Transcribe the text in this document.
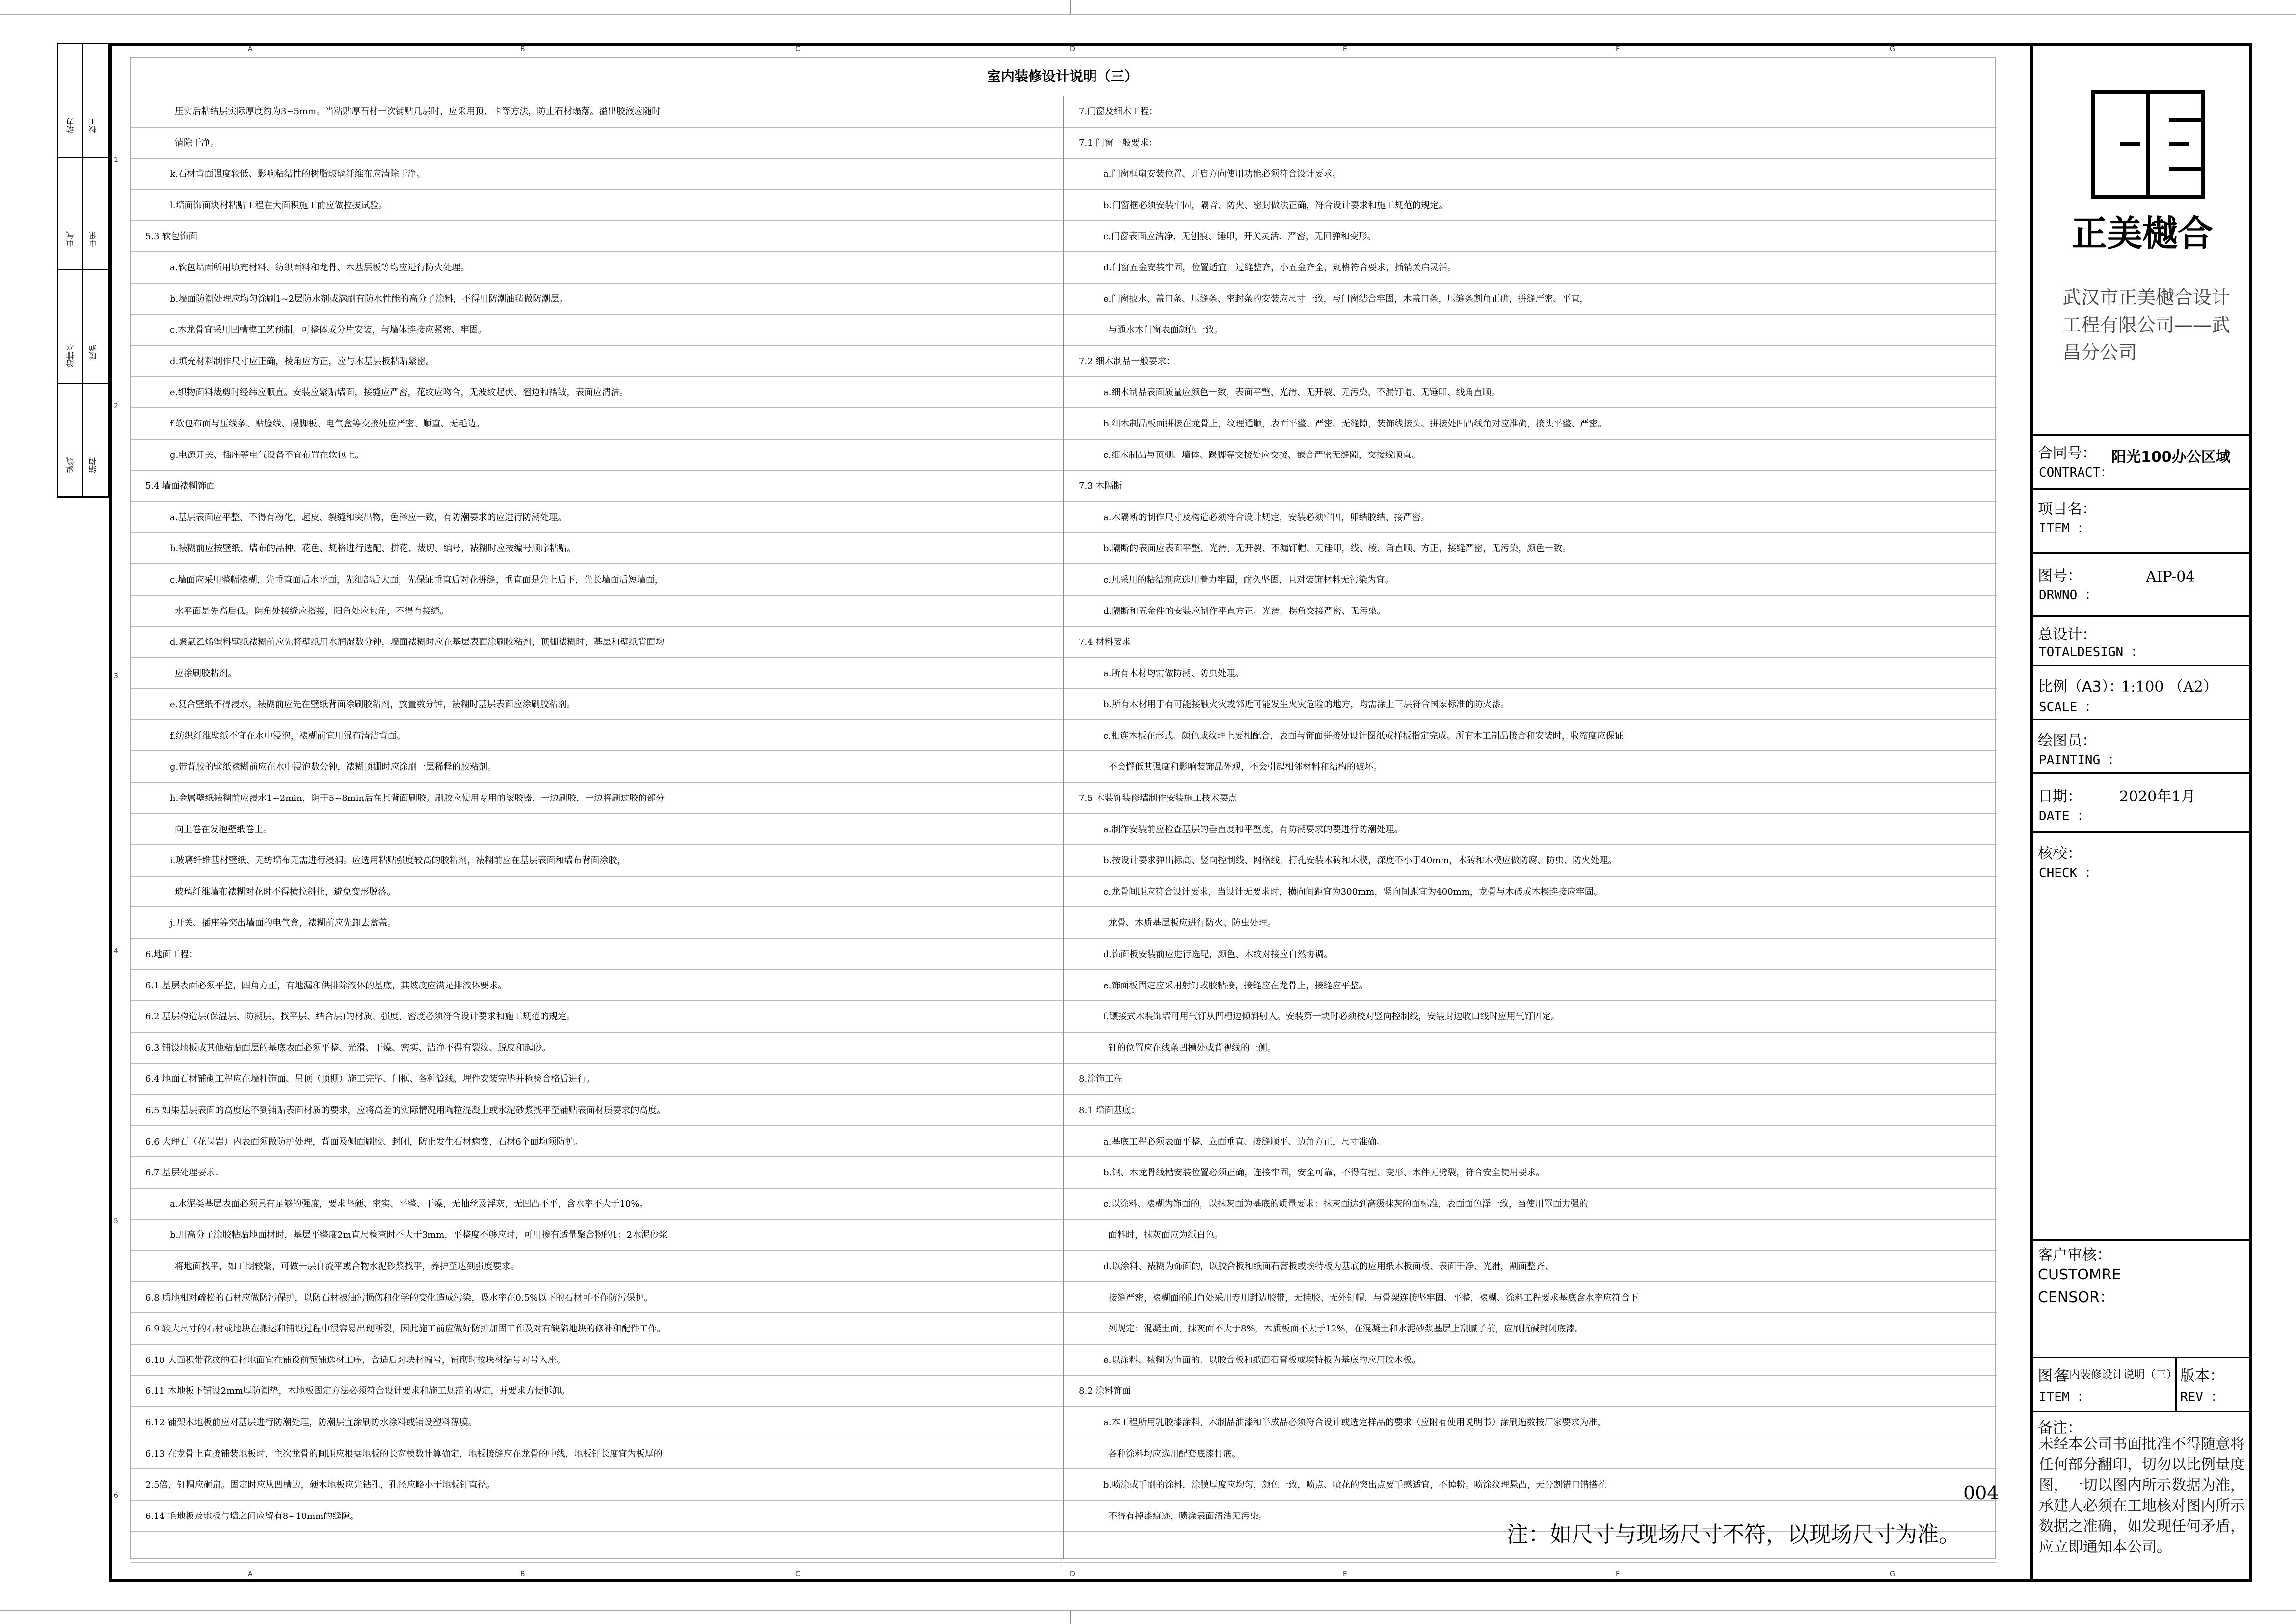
A	B	C	D	E	F	G
A	B	C	D	E	F	G
1
2
3
4
5
6
动力 校工
电气 电讯
给排水 暖通
建筑 结构
室内装修设计说明（三）
压实后粘结层实际厚度约为3~5mm。当粘贴厚石材一次铺贴几层时，应采用顶、卡等方法，防止石材塌落。溢出胶液应随时
清除干净。
k.石材背面强度较低、影响粘结性的树脂玻璃纤维布应清除干净。
l.墙面饰面块材粘贴工程在大面积施工前应做拉拔试验。
5.3 软包饰面
a.软包墙面所用填充材料、纺织面料和龙骨、木基层板等均应进行防火处理。
b.墙面防潮处理应均匀涂刷1~2层防水剂或满刷有防水性能的高分子涂料，不得用防潮油毡做防潮层。
c.木龙骨宜采用凹槽榫工艺预制，可整体或分片安装，与墙体连接应紧密、牢固。
d.填充材料制作尺寸应正确，棱角应方正，应与木基层板粘贴紧密。
e.织物面料裁剪时经纬应顺直。安装应紧贴墙面，接缝应严密，花纹应吻合，无波纹起伏、翘边和褶皱，表面应清洁。
f.软包布面与压线条、贴脸线、踢脚板、电气盒等交接处应严密、顺直、无毛边。
g.电源开关、插座等电气设备不宜布置在软包上。
5.4 墙面裱糊饰面
a.基层表面应平整、不得有粉化、起皮、裂缝和突出物，色泽应一致，有防潮要求的应进行防潮处理。
b.裱糊前应按壁纸、墙布的品种、花色、规格进行选配、拼花、裁切、编号，裱糊时应按编号顺序粘贴。
c.墙面应采用整幅裱糊，先垂直面后水平面，先细部后大面，先保证垂直后对花拼缝，垂直面是先上后下，先长墙面后短墙面，
水平面是先高后低。阴角处接缝应搭接，阳角处应包角，不得有接缝。
d.聚氯乙烯塑料壁纸裱糊前应先将壁纸用水润湿数分钟，墙面裱糊时应在基层表面涂刷胶粘剂，顶棚裱糊时，基层和壁纸背面均
应涂刷胶粘剂。
e.复合壁纸不得浸水，裱糊前应先在壁纸背面涂刷胶粘剂，放置数分钟，裱糊时基层表面应涂刷胶粘剂。
f.纺织纤维壁纸不宜在水中浸泡，裱糊前宜用湿布清洁背面。
g.带背胶的壁纸裱糊前应在水中浸泡数分钟，裱糊顶棚时应涂刷一层稀释的胶粘剂。
h.金属壁纸裱糊前应浸水1~2min，阴干5~8min后在其背面刷胶。刷胶应使用专用的滚胶器，一边刷胶，一边将刷过胶的部分
向上卷在发泡壁纸卷上。
i.玻璃纤维基材壁纸、无纺墙布无需进行浸润。应选用粘贴强度较高的胶粘剂，裱糊前应在基层表面和墙布背面涂胶，
玻璃纤维墙布裱糊对花时不得横拉斜扯，避免变形脱落。
j.开关、插座等突出墙面的电气盒，裱糊前应先卸去盒盖。
6.地面工程：
6.1 基层表面必须平整，四角方正，有地漏和供排除液体的基底，其坡度应满足排液体要求。
6.2 基层构造层(保温层、防潮层、找平层、结合层)的材质、强度、密度必须符合设计要求和施工规范的规定。
6.3 铺设地板或其他粘贴面层的基底表面必须平整、光滑、干燥、密实、洁净不得有裂纹、脱皮和起砂。
6.4 地面石材铺砌工程应在墙柱饰面、吊顶（顶棚）施工完毕、门框、各种管线、埋件安装完毕并检验合格后进行。
6.5 如果基层表面的高度达不到铺贴表面材质的要求，应将高差的实际情况用陶粒混凝土或水泥砂浆找平至铺贴表面材质要求的高度。
6.6 大理石（花岗岩）内表面须做防护处理，背面及侧面刷胶、封闭，防止发生石材病变，石材6个面均须防护。
6.7 基层处理要求：
a.水泥类基层表面必须具有足够的强度，要求坚硬、密实、平整、干燥，无抽丝及浮灰，无凹凸不平，含水率不大于10%。
b.用高分子涂胶粘贴地面材时，基层平整度2m直尺检查时不大于3mm，平整度不够应时，可用掺有适量聚合物的1：2水泥砂浆
将地面找平，如工期较紧，可做一层自流平或合物水泥砂浆找平，养护至达到强度要求。
6.8 质地相对疏松的石材应做防污保护，以防石材被油污损伤和化学的变化造成污染，吸水率在0.5%以下的石材可不作防污保护。
6.9 较大尺寸的石材或地块在搬运和铺设过程中很容易出现断裂，因此施工前应做好防护加固工作及对有缺陷地块的修补和配件工作。
6.10 大面积带花纹的石材地面宜在铺设前预铺选材工序，合适后对块材编号，铺砌时按块材编号对号入座。
6.11 木地板下铺设2mm厚防潮垫，木地板固定方法必须符合设计要求和施工规范的规定，并要求方便拆卸。
6.12 铺架木地板前应对基层进行防潮处理，防潮层宜涂刷防水涂料或铺设塑料薄膜。
6.13 在龙骨上直接铺装地板时，主次龙骨的间距应根据地板的长宽模数计算确定，地板接缝应在龙骨的中线，地板钉长度宜为板厚的
2.5倍，钉帽应砸扁。固定时应从凹槽边，硬木地板应先钻孔，孔径应略小于地板钉直径。
6.14 毛地板及地板与墙之间应留有8~10mm的缝隙。
7.门窗及细木工程：
7.1 门窗一般要求：
a.门窗框扇安装位置、开启方向使用功能必须符合设计要求。
b.门窗框必须安装牢固，隔音、防火、密封做法正确，符合设计要求和施工规范的规定。
c.门窗表面应洁净，无刨痕、锤印，开关灵活、严密，无回弹和变形。
d.门窗五金安装牢固，位置适宜，过缝整齐，小五金齐全，规格符合要求，插销关启灵活。
e.门窗披水、盖口条、压缝条、密封条的安装应尺寸一致，与门窗结合牢固，木盖口条，压缝条割角正确，拼缝严密、平直，
与通水木门窗表面颜色一致。
7.2 细木制品一般要求：
a.细木制品表面质量应颜色一致，表面平整、光滑、无开裂、无污染、不漏钉帽、无锤印、线角直顺。
b.细木制品板面拼接在龙骨上，纹理通顺，表面平整、严密、无缝隙，装饰线接头、拼接处凹凸线角对应准确，接头平整、严密。
c.细木制品与顶棚、墙体、踢脚等交接处应交接、嵌合严密无缝隙，交接线顺直。
7.3 木隔断
a.木隔断的制作尺寸及构造必须符合设计规定，安装必须牢固，卯结胶结、接严密。
b.隔断的表面应表面平整、光滑、无开裂、不漏钉帽、无锤印，线、棱、角直顺、方正，接缝严密，无污染，颜色一致。
c.凡采用的粘结剂应选用着力牢固，耐久坚固，且对装饰材料无污染为宜。
d.隔断和五金件的安装应制作平直方正、光滑，拐角交接严密、无污染。
7.4 材料要求
a.所有木材均需做防潮、防虫处理。
b.所有木材用于有可能接触火灾或邻近可能发生火灾危险的地方，均需涂上三层符合国家标准的防火漆。
c.相连木板在形式、颜色或纹理上要相配合，表面与饰面拼接处设计图纸或样板指定完成。所有木工制品接合和安装时，收缩度应保证
不会懈低其强度和影响装饰品外观，不会引起相邻材料和结构的破坏。
7.5 木装饰装修墙制作安装施工技术要点
a.制作安装前应检查基层的垂直度和平整度，有防潮要求的要进行防潮处理。
b.按设计要求弹出标高、竖向控制线、网格线，打孔安装木砖和木楔，深度不小于40mm，木砖和木楔应做防腐、防虫、防火处理。
c.龙骨间距应符合设计要求，当设计无要求时，横向间距宜为300mm，竖向间距宜为400mm，龙骨与木砖或木楔连接应牢固。
龙骨、木质基层板应进行防火、防虫处理。
d.饰面板安装前应进行选配，颜色、木纹对接应自然协调。
e.饰面板固定应采用射钉或胶粘接，接缝应在龙骨上，接缝应平整。
f.镶接式木装饰墙可用气钉从凹槽边倾斜射入。安装第一块时必须校对竖向控制线，安装封边收口线时应用气钉固定。
钉的位置应在线条凹槽处或背视线的一侧。
8.涂饰工程
8.1 墙面基底：
a.基底工程必须表面平整、立面垂直、接缝顺平、边角方正，尺寸准确。
b.钢、木龙骨线槽安装位置必须正确，连接牢固，安全可靠，不得有扭、变形、木件无劈裂，符合安全使用要求。
c.以涂料、裱糊为饰面的，以抹灰面为基底的质量要求：抹灰面达到高级抹灰的面标准，表面面色泽一致，当使用罩面力强的
面料时，抹灰面应为纸白色。
d.以涂料、裱糊为饰面的，以胶合板和纸面石膏板或埃特板为基底的应用纸木板面板、表面干净、光滑，割面整齐、
接缝严密，裱糊面的阳角处采用专用封边胶带，无挂胶、无外钉帽，与骨架连接坚牢固、平整，裱糊、涂料工程要求基底含水率应符合下
列规定：混凝土面，抹灰面不大于8%，木质板面不大于12%，在混凝土和水泥砂浆基层上刮腻子前，应刷抗碱封闭底漆。
e.以涂料、裱糊为饰面的，以胶合板和纸面石膏板或埃特板为基底的应用胶木板。
8.2 涂料饰面
a.本工程所用乳胶漆涂料、木制品油漆和半成品必须符合设计或选定样品的要求（应附有使用说明书）涂刷遍数按厂家要求为准，
各种涂料均应选用配套底漆打底。
b.喷涂或手刷的涂料，涂膜厚度应均匀，颜色一致，喷点、喷花的突出点要手感适宜，不掉粉。喷涂纹理悬凸，无分割错口错搭茬
不得有掉漆痕迹，喷涂表面清洁无污染。
004
注：如尺寸与现场尺寸不符，以现场尺寸为准。
正美樾合
武汉市正美樾合设计工程有限公司——武昌分公司
合同号：
CONTRACT：
阳光100办公区域
项目名：
ITEM ：
图号：
DRWNO ：
AIP-04
总设计：
TOTALDESIGN ：
比例（A3）：
1:100 （A2）
SCALE ：
绘图员：
PAINTING ：
日期：	2020年1月
DATE ：
核校：
CHECK ：
客户审核：
CUSTOMRE
CENSOR：
图名
室内装修设计说明（三）
ITEM ：
版本：
REV ：
备注：
未经本公司书面批准不得随意将任何部分翻印，切勿以比例量度图，一切以图内所示数据为准，承建人必须在工地核对图内所示数据之准确，如发现任何矛盾，应立即通知本公司。
